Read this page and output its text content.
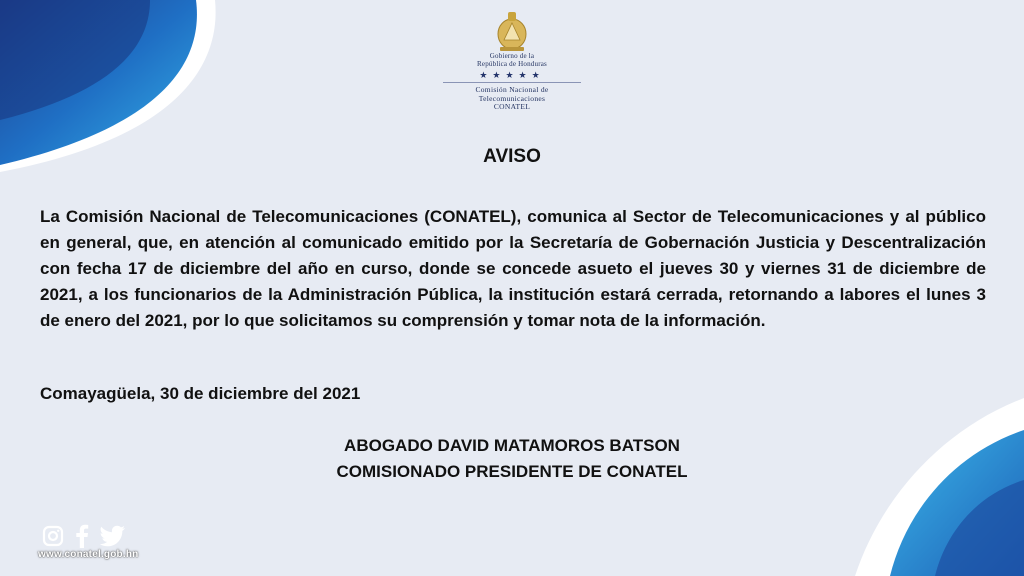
Gobierno de la
República de Honduras
★★★★★
Comisión Nacional de
Telecomunicaciones
CONATEL
AVISO
La Comisión Nacional de Telecomunicaciones (CONATEL), comunica al Sector de Telecomunicaciones y al público en general, que, en atención al comunicado emitido por la Secretaría de Gobernación Justicia y Descentralización con fecha 17 de diciembre del año en curso, donde se concede asueto el jueves 30 y viernes 31 de diciembre de 2021, a los funcionarios de la Administración Pública, la institución estará cerrada, retornando a labores el lunes 3 de enero del 2021, por lo que solicitamos su comprensión y tomar nota de la información.
Comayagüela, 30 de diciembre del 2021
ABOGADO DAVID MATAMOROS BATSON
COMISIONADO PRESIDENTE DE CONATEL
www.conatel.gob.hn
